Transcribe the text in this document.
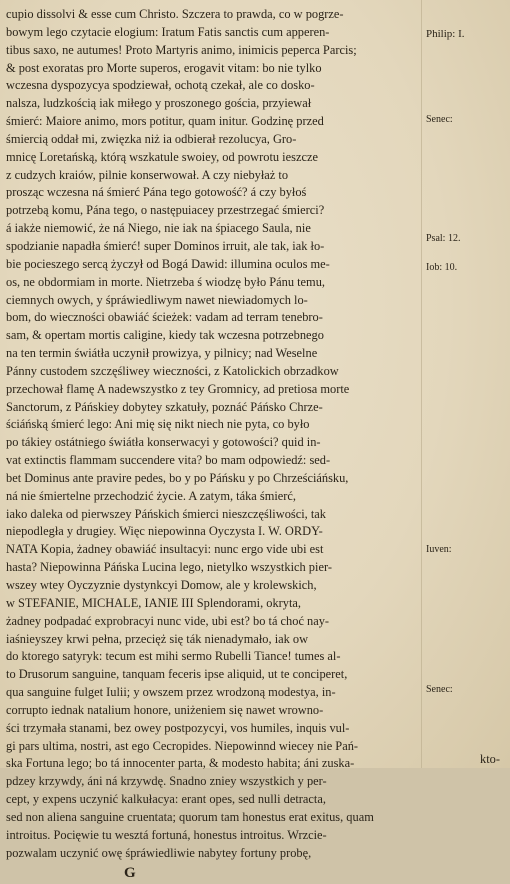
cupio dissolvi & esse cum Christo. Szczera to prawda, co w pogrze-
bowym lego czytacie elogium: Iratum Fatis sanctis cum apperen-
tibus saxo, ne autumes! Proto Martyris animo, inimicis peperca Parcis;
& post exoratas pro Morte superos, erogavit vitam: bo nie tylko
wczesna dyspozycya spodziewał, ochotą czekał, ale co dosko-
nalsza, ludzkością iak miłego y proszonego gościa, przyiewał
śmierć: Maiore animo, mors potitur, quam initur. Godzinę przed
śmiercią oddał mi, zwięzka niż ia odbierał rezolucya, Gro-
mnicę Loretańską, którą wszkatule swoiey, od powrotu ieszcze
z cudzych kraiów, pilnie konserwował. A czy niebyłaż to
prosząc wczesna ná śmierć Pána tego gotowość? á czy byłoś
potrzebą komu, Pána tego, o następuiacey przestrzegać śmierci?
á iakże niemowić, że ná Niego, nie iak na śpiacego Saula, nie
spodzianie napadła śmierć! super Dominos irruit, ale tak, iak ło-
bie pocieszego sercą życzył od Bogá Dawid: illumina oculos me-
os, ne obdormiam in morte. Nietrzeba ś wiodzę było Pánu temu,
ciemnych owych, y śpráwiedliwym nawet niewiadomych lo-
bom, do wieczności obawiáć ścieżek: vadam ad terram tenebro-
sam, & opertam mortis caligine, kiedy tak wczesna potrzebnego
na ten termin świátła uczynił prowizya, y pilnicy; nad Weselne
Pánny custodem szczęśliwey wieczności, z Katolickich obrzadkow
przechował flamę A nadewszystko z tey Gromnicy, ad pretiosa morte
Sanctorum, z Páńskiey dobytey szkatuły, poznáć Páńsko Chrze-
ściáńską śmierć lego: Ani mię się nikt niech nie pyta, co było
po tákiey ostátniego świátła konserwacyi y gotowości? quid in-
vat extinctis flammam succendere vita? bo mam odpowiedź: sed-
bet Dominus ante pravire pedes, bo y po Páńsku y po Chrześciáńsku,
ná nie śmiertelne przechodzić życie. A zatym, táka śmierć,
iako daleka od pierwszey Páńskich śmierci nieszczęśliwości, tak
niepodległa y drugiey. Więc niepowinna Oyczysta I. W. ORDY-
NATA Kopia, żadney obawiáć insultacyi: nunc ergo vide ubi est
hasta? Niepowinna Páńska Lucina lego, nietylko wszystkich pier-
wszey wtey Oyczyznie dystynkcyi Domow, ale y krolewskich,
w STEFANIE, MICHALE, IANIE III Splendorami, okryta,
żadney podpadać exprobracyi nunc vide, ubi est? bo tá choć nay-
iaśnieyszey krwi pełna, przecięż się ták nienadymało, iak ow
do ktorego satyryk: tecum est mihi sermo Rubelli Tiance! tumes al-
to Drusorum sanguine, tanquam feceris ipse aliquid, ut te conciperet,
qua sanguine fulget Iulii; y owszem przez wrodzoną modestya, in-
corrupto iednak natalium honore, uniżeniem się nawet wrowno-
ści trzymała stanami, bez owey postpozycyi, vos humiles, inquis vul-
gi pars ultima, nostri, ast ego Cecropides. Niepowinnd wiecey nie Pań-
ska Fortuna lego; bo tá innocenter parta, & modesto habita; áni zuska-
pdzey krzywdy, áni ná krzywdę. Snadno zniey wszystkich y per-
cept, y expens uczynić kalkułacya: erant opes, sed nulli detracta,
sed non aliena sanguine cruentata; quorum tam honestus erat exitus, quam
introitus. Pocięwie tu wesztá fortuná, honestus introitus. Wrzcie-
pozwalam uczynić owę śpráwiedliwie nabytey fortuny probę,
G
kto-
Philip: I.
Senec:
Psal: 12.
Iob: 10.
Iuven:
Senec:
